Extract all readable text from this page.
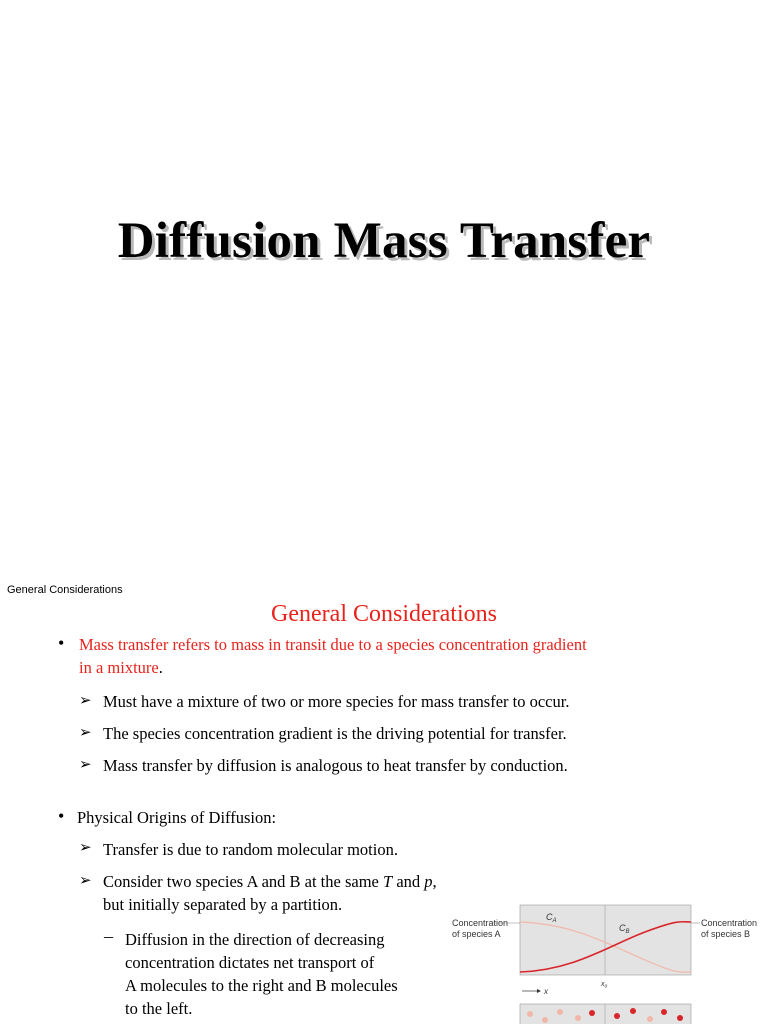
Diffusion Mass Transfer
General Considerations
General Considerations
• Mass transfer refers to mass in transit due to a species concentration gradient
in a mixture.
➢ Must have a mixture of two or more species for mass transfer to occur.
➢ The species concentration gradient is the driving potential for transfer.
➢ Mass transfer by diffusion is analogous to heat transfer by conduction.
• Physical Origins of Diffusion:
➢ Transfer is due to random molecular motion.
➢ Consider two species A and B at the same T and p,
but initially separated by a partition.
– Diffusion in the direction of decreasing
concentration dictates net transport of
A molecules to the right and B molecules
to the left.
Concentration
of species A
Concentration
of species B
$C_A$
$C_B$
x
$x_o$
